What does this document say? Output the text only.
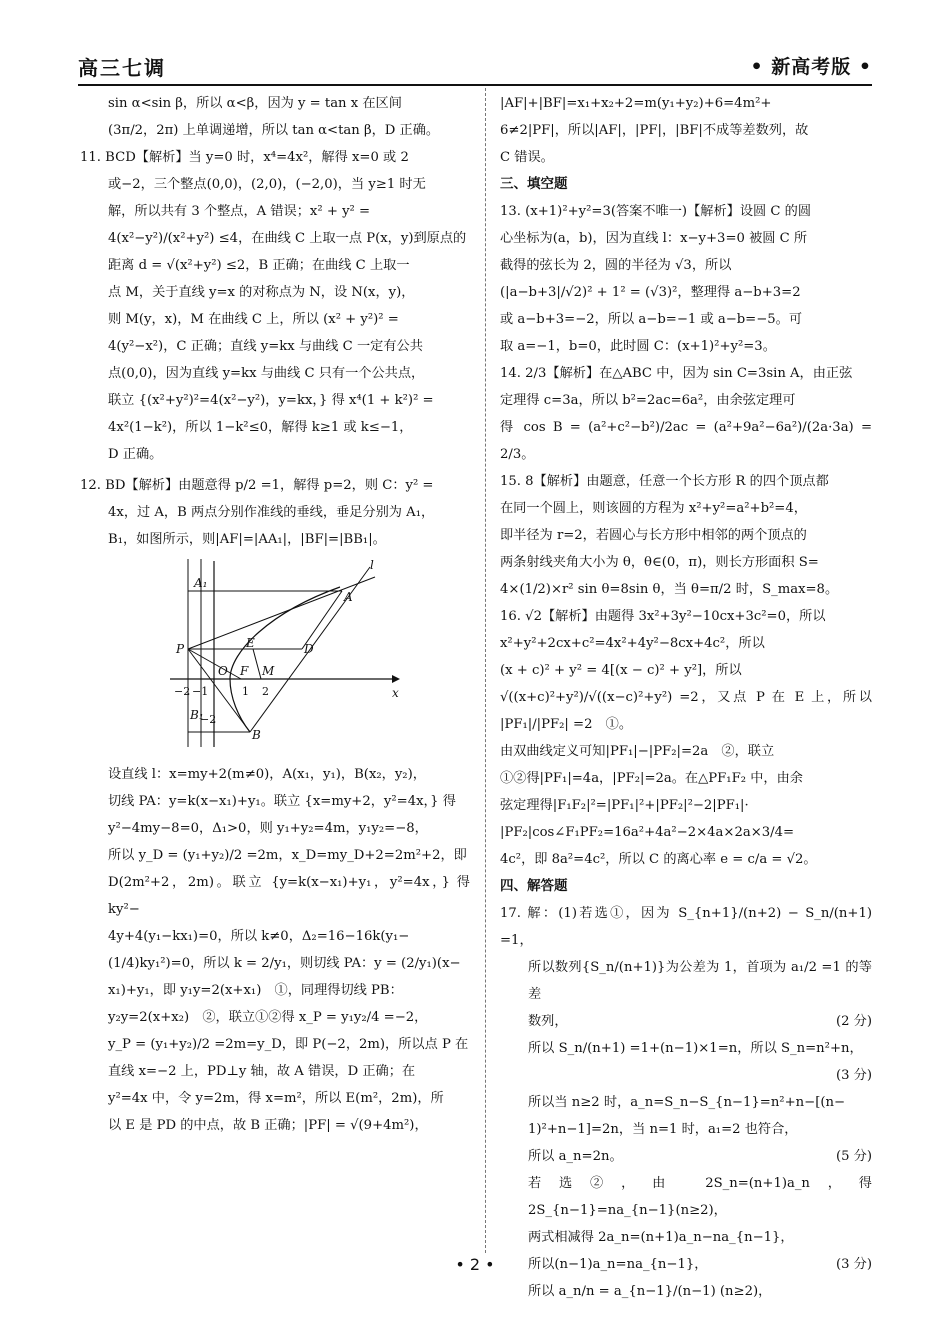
高三七调	• 新高考版 •

sin α<sin β，所以 α<β，因为 y = tan x 在区间

(3π/2，2π) 上单调递增，所以 tan α<tan β，D 正确。

11. BCD【解析】当 y=0 时，x⁴=4x²，解得 x=0 或 2

或−2，三个整点(0,0)，(2,0)，(−2,0)，当 y≥1 时无

解，所以共有 3 个整点，A 错误；x² + y² =

4(x²−y²)/(x²+y²) ≤4，在曲线 C 上取一点 P(x，y)到原点的

距离 d = √(x²+y²) ≤2，B 正确；在曲线 C 上取一

点 M，关于直线 y=x 的对称点为 N，设 N(x，y)，

则 M(y，x)，M 在曲线 C 上，所以 (x² + y²)² =

4(y²−x²)，C 正确；直线 y=kx 与曲线 C 一定有公共

点(0,0)，因为直线 y=kx 与曲线 C 只有一个公共点，

联立 {(x²+y²)²=4(x²−y²)，y=kx，} 得 x⁴(1 + k²)² =

4x²(1−k²)，所以 1−k²≤0，解得 k≥1 或 k≤−1，

D 正确。

12. BD【解析】由题意得 p/2 =1，解得 p=2，则 C：y² =

4x，过 A，B 两点分别作准线的垂线，垂足分别为 A₁，

B₁，如图所示，则|AF|=|AA₁|，|BF|=|BB₁|。

l
A₁
A
P	E	D
O F M
x
B₁
B
−2 −1	1 2
−2

设直线 l：x=my+2(m≠0)，A(x₁，y₁)，B(x₂，y₂)，

切线 PA：y=k(x−x₁)+y₁。联立 {x=my+2，y²=4x，} 得

y²−4my−8=0，Δ₁>0，则 y₁+y₂=4m，y₁y₂=−8，

所以 y_D = (y₁+y₂)/2 =2m，x_D=my_D+2=2m²+2，即

D(2m²+2，2m)。联立 {y=k(x−x₁)+y₁，y²=4x，} 得 ky²−

4y+4(y₁−kx₁)=0，所以 k≠0，Δ₂=16−16k(y₁−

(1/4)ky₁²)=0，所以 k = 2/y₁，则切线 PA：y = (2/y₁)(x−

x₁)+y₁，即 y₁y=2(x+x₁)　①，同理得切线 PB：

y₂y=2(x+x₂)　②，联立①②得 x_P = y₁y₂/4 =−2，

y_P = (y₁+y₂)/2 =2m=y_D，即 P(−2，2m)，所以点 P 在

直线 x=−2 上，PD⊥y 轴，故 A 错误，D 正确；在

y²=4x 中，令 y=2m，得 x=m²，所以 E(m²，2m)，所

以 E 是 PD 的中点，故 B 正确；|PF| = √(9+4m²)，

|AF|+|BF|=x₁+x₂+2=m(y₁+y₂)+6=4m²+

6≠2|PF|，所以|AF|，|PF|，|BF|不成等差数列，故

C 错误。

三、填空题

13. (x+1)²+y²=3(答案不唯一)【解析】设圆 C 的圆

心坐标为(a，b)，因为直线 l：x−y+3=0 被圆 C 所

截得的弦长为 2，圆的半径为 √3，所以

(|a−b+3|/√2)² + 1² = (√3)²，整理得 a−b+3=2

或 a−b+3=−2，所以 a−b=−1 或 a−b=−5。可

取 a=−1，b=0，此时圆 C：(x+1)²+y²=3。

14. 2/3【解析】在△ABC 中，因为 sin C=3sin A，由正弦

定理得 c=3a，所以 b²=2ac=6a²，由余弦定理可

得 cos B = (a²+c²−b²)/2ac = (a²+9a²−6a²)/(2a·3a) = 2/3。

15. 8【解析】由题意，任意一个长方形 R 的四个顶点都

在同一个圆上，则该圆的方程为 x²+y²=a²+b²=4，

即半径为 r=2，若圆心与长方形中相邻的两个顶点的

两条射线夹角大小为 θ，θ∈(0，π)，则长方形面积 S=

4×(1/2)×r² sin θ=8sin θ，当 θ=π/2 时，S_max=8。

16. √2【解析】由题得 3x²+3y²−10cx+3c²=0，所以

x²+y²+2cx+c²=4x²+4y²−8cx+4c²，所以

(x + c)² + y² = 4[(x − c)² + y²]，所以

√((x+c)²+y²)/√((x−c)²+y²) =2，又点 P 在 E 上，所以 |PF₁|/|PF₂| =2　①。

由双曲线定义可知|PF₁|−|PF₂|=2a　②，联立

①②得|PF₁|=4a，|PF₂|=2a。在△PF₁F₂ 中，由余

弦定理得|F₁F₂|²=|PF₁|²+|PF₂|²−2|PF₁|·

|PF₂|cos∠F₁PF₂=16a²+4a²−2×4a×2a×3/4=

4c²，即 8a²=4c²，所以 C 的离心率 e = c/a = √2。

四、解答题

17. 解：(1)若选①，因为 S_{n+1}/(n+2) − S_n/(n+1) =1，

所以数列{S_n/(n+1)}为公差为 1，首项为 a₁/2 =1 的等差

数列，	(2 分)

所以 S_n/(n+1) =1+(n−1)×1=n，所以 S_n=n²+n，

(3 分)

所以当 n≥2 时，a_n=S_n−S_{n−1}=n²+n−[(n−

1)²+n−1]=2n，当 n=1 时，a₁=2 也符合，

所以 a_n=2n。	(5 分)

若选②，由 2S_n=(n+1)a_n，得 2S_{n−1}=na_{n−1}(n≥2)，

两式相减得 2a_n=(n+1)a_n−na_{n−1}，

所以(n−1)a_n=na_{n−1}，	(3 分)

所以 a_n/n = a_{n−1}/(n−1) (n≥2)，

• 2 •
